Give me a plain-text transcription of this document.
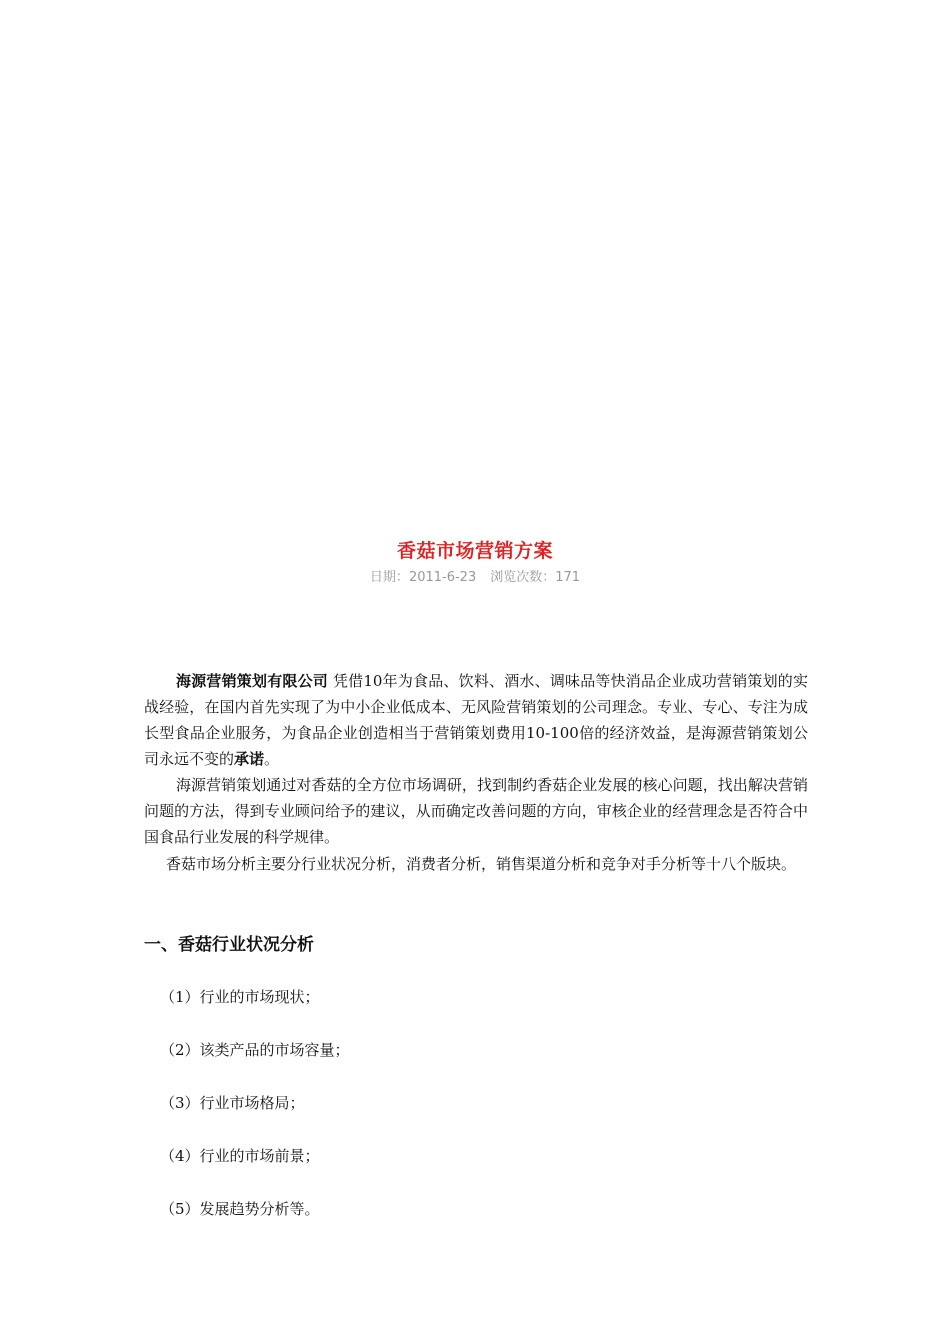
香菇市场营销方案
日期：2011-6-23 浏览次数：171

海源营销策划有限公司 凭借10年为食品、饮料、酒水、调味品等快消品企业成功营销策划的实战经验，在国内首先实现了为中小企业低成本、无风险营销策划的公司理念。专业、专心、专注为成长型食品企业服务，为食品企业创造相当于营销策划费用10-100倍的经济效益，是海源营销策划公司永远不变的承诺。

海源营销策划通过对香菇的全方位市场调研，找到制约香菇企业发展的核心问题，找出解决营销问题的方法，得到专业顾问给予的建议，从而确定改善问题的方向，审核企业的经营理念是否符合中国食品行业发展的科学规律。

香菇市场分析主要分行业状况分析，消费者分析，销售渠道分析和竞争对手分析等十八个版块。

一、香菇行业状况分析
（1）行业的市场现状；
（2）该类产品的市场容量；
（3）行业市场格局；
（4）行业的市场前景；
（5）发展趋势分析等。
